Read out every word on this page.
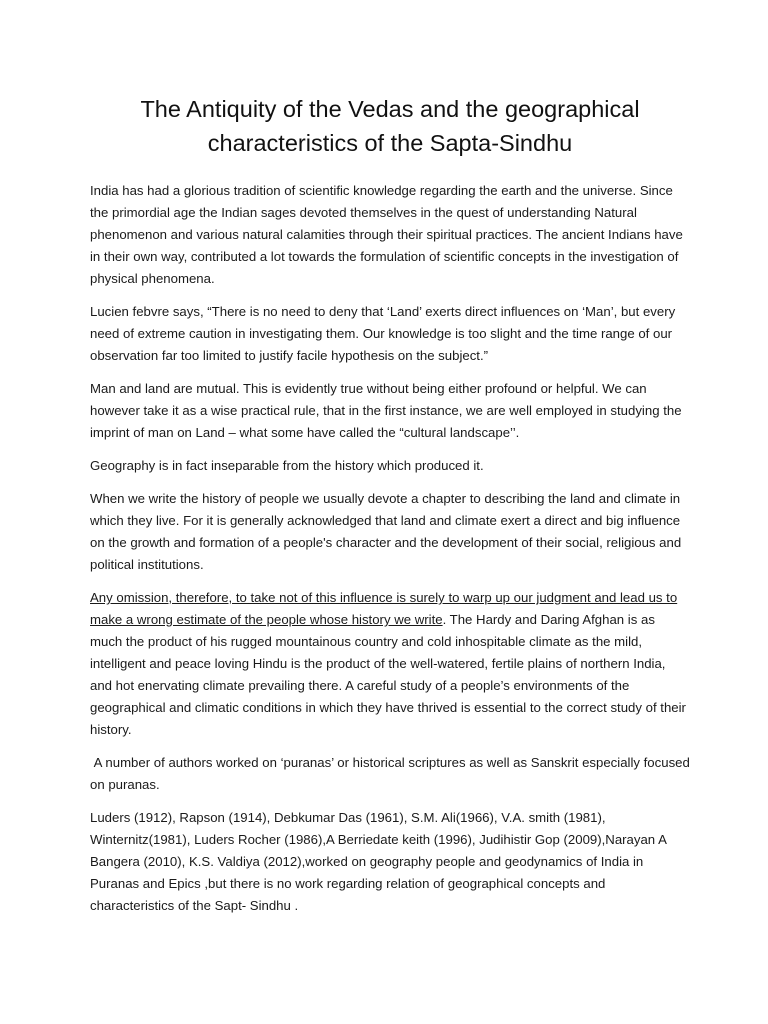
The Antiquity of the Vedas and the geographical
characteristics of the Sapta-Sindhu

India has had a glorious tradition of scientific knowledge regarding the earth and the universe. Since the primordial age the Indian sages devoted themselves in the quest of understanding Natural phenomenon and various natural calamities through their spiritual practices. The ancient Indians have in their own way, contributed a lot towards the formulation of scientific concepts in the investigation of physical phenomena.

Lucien febvre says, “There is no need to deny that ‘Land’ exerts direct influences on ‘Man’, but every need of extreme caution in investigating them. Our knowledge is too slight and the time range of our observation far too limited to justify facile hypothesis on the subject.”

Man and land are mutual. This is evidently true without being either profound or helpful. We can however take it as a wise practical rule, that in the first instance, we are well employed in studying the imprint of man on Land – what some have called the “cultural landscape’’.

Geography is in fact inseparable from the history which produced it.

When we write the history of people we usually devote a chapter to describing the land and climate in which they live. For it is generally acknowledged that land and climate exert a direct and big influence on the growth and formation of a people's character and the development of their social, religious and political institutions.

Any omission, therefore, to take not of this influence is surely to warp up our judgment and lead us to make a wrong estimate of the people whose history we write. The Hardy and Daring Afghan is as much the product of his rugged mountainous country and cold inhospitable climate as the mild, intelligent and peace loving Hindu is the product of the well-watered, fertile plains of northern India, and hot enervating climate prevailing there. A careful study of a people’s environments of the geographical and climatic conditions in which they have thrived is essential to the correct study of their history.

A number of authors worked on ‘puranas’ or historical scriptures as well as Sanskrit especially focused on puranas.

Luders (1912), Rapson (1914), Debkumar Das (1961), S.M. Ali(1966), V.A. smith (1981), Winternitz(1981), Luders Rocher (1986),A Berriedate keith (1996), Judihistir Gop (2009),Narayan A Bangera (2010), K.S. Valdiya (2012),worked on geography people and geodynamics of India in Puranas and Epics ,but there is no work regarding relation of geographical concepts and characteristics of the Sapt- Sindhu .
